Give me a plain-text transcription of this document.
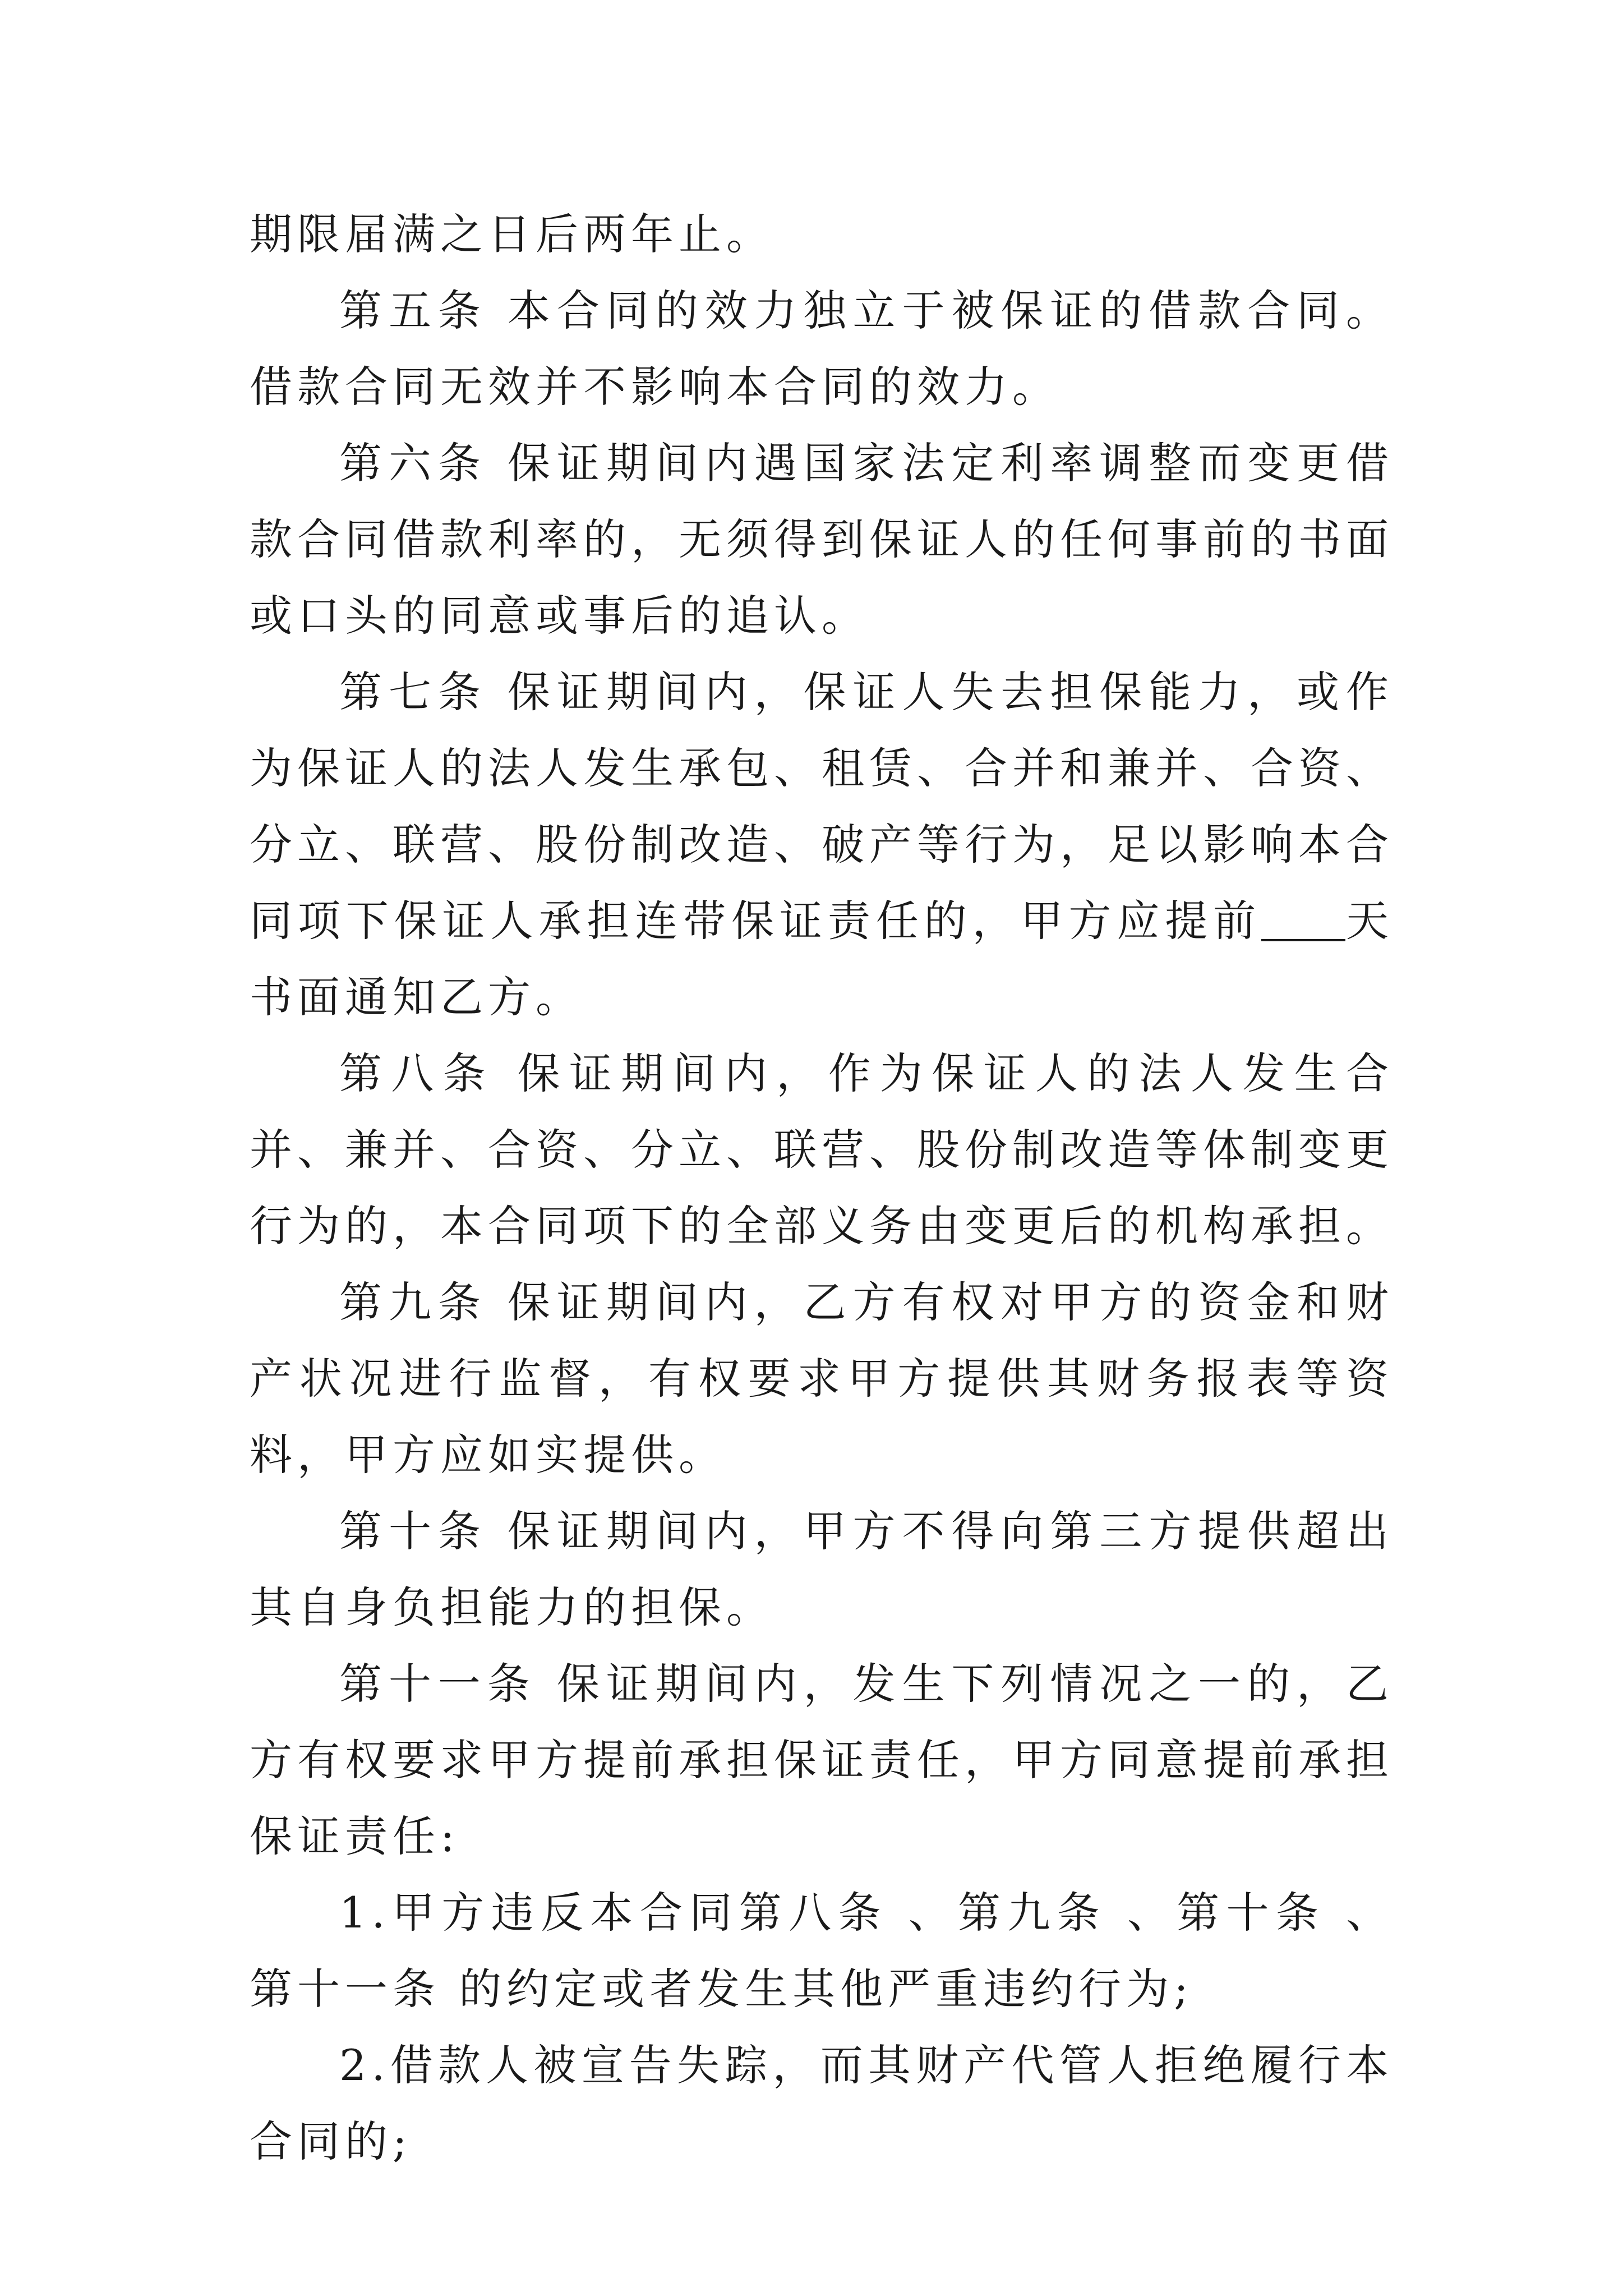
期限届满之日后两年止。

第五条 本合同的效力独立于被保证的借款合同。借款合同无效并不影响本合同的效力。

第六条 保证期间内遇国家法定利率调整而变更借款合同借款利率的，无须得到保证人的任何事前的书面或口头的同意或事后的追认。

第七条 保证期间内，保证人失去担保能力，或作为保证人的法人发生承包、租赁、合并和兼并、合资、分立、联营、股份制改造、破产等行为，足以影响本合同项下保证人承担连带保证责任的，甲方应提前 天书面通知乙方。

第八条 保证期间内，作为保证人的法人发生合并、兼并、合资、分立、联营、股份制改造等体制变更行为的，本合同项下的全部义务由变更后的机构承担。

第九条 保证期间内，乙方有权对甲方的资金和财产状况进行监督，有权要求甲方提供其财务报表等资料，甲方应如实提供。

第十条 保证期间内，甲方不得向第三方提供超出其自身负担能力的担保。

第十一条 保证期间内，发生下列情况之一的，乙方有权要求甲方提前承担保证责任，甲方同意提前承担保证责任:

1.甲方违反本合同第八条 、第九条 、第十条 、第十一条 的约定或者发生其他严重违约行为;

2.借款人被宣告失踪，而其财产代管人拒绝履行本合同的;
